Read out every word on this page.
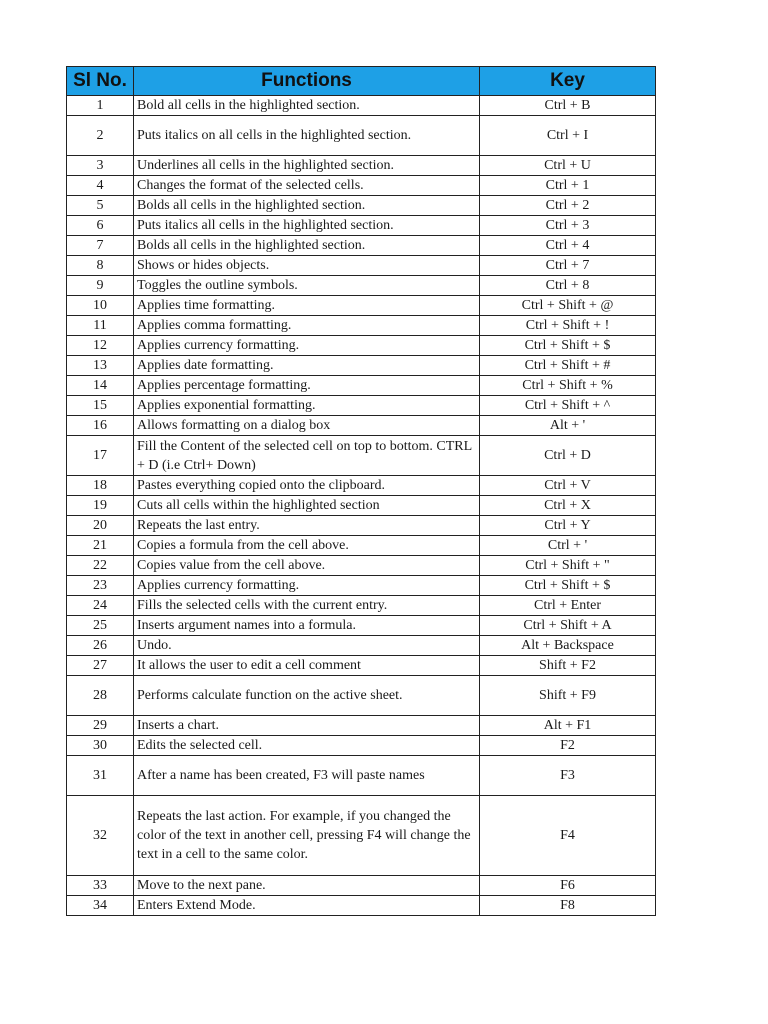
Sl No.	Functions	Key
1	Bold all cells in the highlighted section.	Ctrl + B
2	Puts italics on all cells in the highlighted section.	Ctrl + I
3	Underlines all cells in the highlighted section.	Ctrl + U
4	Changes the format of the selected cells.	Ctrl + 1
5	Bolds all cells in the highlighted section.	Ctrl + 2
6	Puts italics all cells in the highlighted section.	Ctrl + 3
7	Bolds all cells in the highlighted section.	Ctrl + 4
8	Shows or hides objects.	Ctrl + 7
9	Toggles the outline symbols.	Ctrl + 8
10	Applies time formatting.	Ctrl + Shift + @
11	Applies comma formatting.	Ctrl + Shift + !
12	Applies currency formatting.	Ctrl + Shift + $
13	Applies date formatting.	Ctrl + Shift + #
14	Applies percentage formatting.	Ctrl + Shift + %
15	Applies exponential formatting.	Ctrl + Shift + ^
16	Allows formatting on a dialog box	Alt + '
17	Fill the Content of the selected cell on top to bottom. CTRL + D (i.e Ctrl+ Down)	Ctrl + D
18	Pastes everything copied onto the clipboard.	Ctrl + V
19	Cuts all cells within the highlighted section	Ctrl + X
20	Repeats the last entry.	Ctrl + Y
21	Copies a formula from the cell above.	Ctrl + '
22	Copies value from the cell above.	Ctrl + Shift + "
23	Applies currency formatting.	Ctrl + Shift + $
24	Fills the selected cells with the current entry.	Ctrl + Enter
25	Inserts argument names into a formula.	Ctrl + Shift + A
26	Undo.	Alt + Backspace
27	It allows the user to edit a cell comment	Shift + F2
28	Performs calculate function on the active sheet.	Shift + F9
29	Inserts a chart.	Alt + F1
30	Edits the selected cell.	F2
31	After a name has been created, F3 will paste names	F3
32	Repeats the last action. For example, if you changed the color of the text in another cell, pressing F4 will change the text in a cell to the same color.	F4
33	Move to the next pane.	F6
34	Enters Extend Mode.	F8
